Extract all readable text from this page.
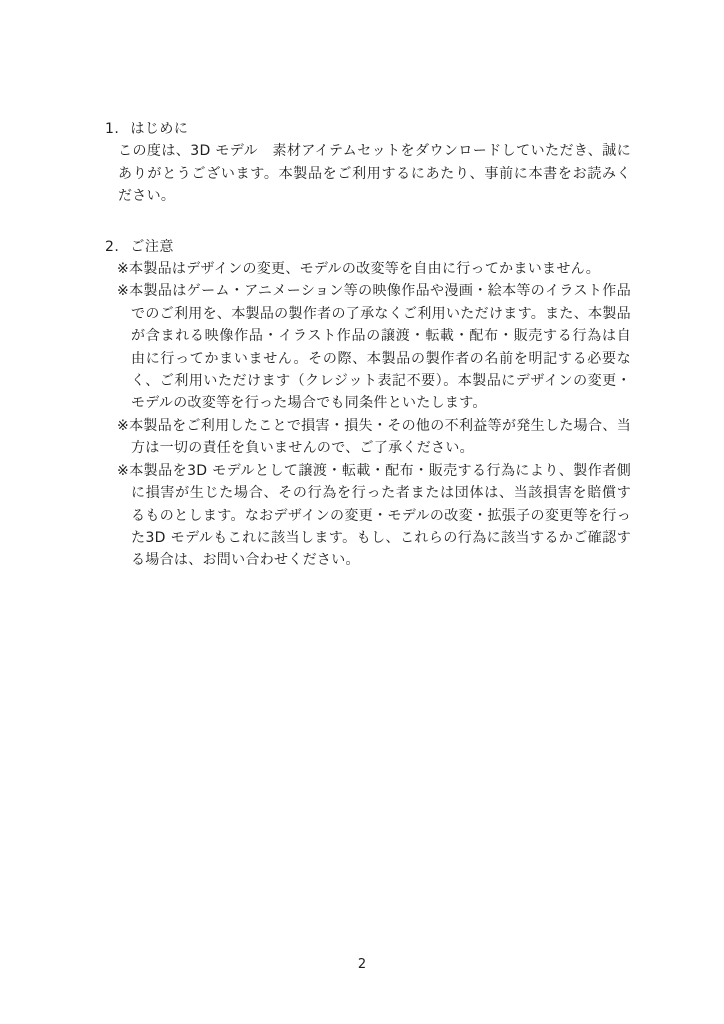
1. はじめに

この度は、3D モデル　素材アイテムセットをダウンロードしていただき、誠にありがとうございます。本製品をご利用するにあたり、事前に本書をお読みください。

2. ご注意
※本製品はデザインの変更、モデルの改変等を自由に行ってかまいません。
※本製品はゲーム・アニメーション等の映像作品や漫画・絵本等のイラスト作品でのご利用を、本製品の製作者の了承なくご利用いただけます。また、本製品が含まれる映像作品・イラスト作品の譲渡・転載・配布・販売する行為は自由に行ってかまいません。その際、本製品の製作者の名前を明記する必要なく、ご利用いただけます（クレジット表記不要）。本製品にデザインの変更・モデルの改変等を行った場合でも同条件といたします。
※本製品をご利用したことで損害・損失・その他の不利益等が発生した場合、当方は一切の責任を負いませんので、ご了承ください。
※本製品を3D モデルとして譲渡・転載・配布・販売する行為により、製作者側に損害が生じた場合、その行為を行った者または団体は、当該損害を賠償するものとします。なおデザインの変更・モデルの改変・拡張子の変更等を行った3D モデルもこれに該当します。もし、これらの行為に該当するかご確認する場合は、お問い合わせください。
2
